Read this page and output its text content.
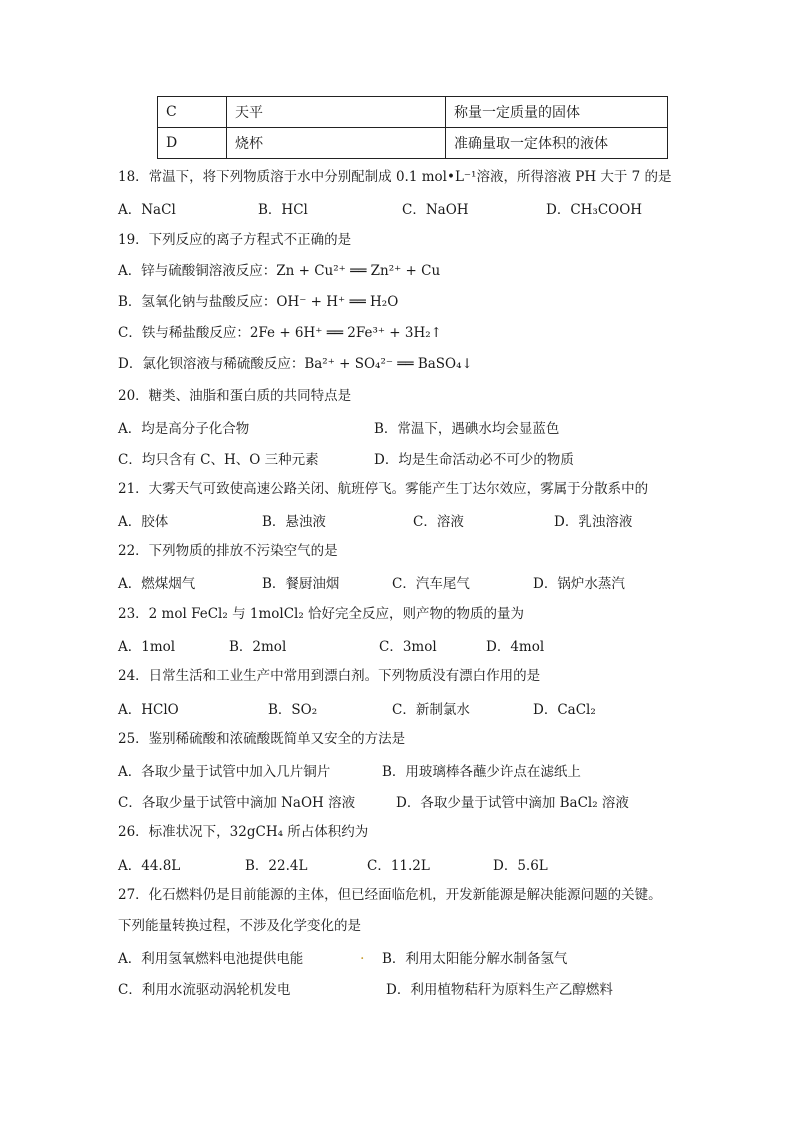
C	天平	称量一定质量的固体
D	烧杯	准确量取一定体积的液体
18．常温下，将下列物质溶于水中分别配制成 0.1 mol•L⁻¹溶液，所得溶液 PH 大于 7 的是
A．NaCl	B．HCl	C．NaOH	D．CH₃COOH
19．下列反应的离子方程式不正确的是
A．锌与硫酸铜溶液反应：Zn + Cu²⁺ ══ Zn²⁺ + Cu
B．氢氧化钠与盐酸反应：OH⁻ + H⁺ ══ H₂O
C．铁与稀盐酸反应：2Fe + 6H⁺ ══ 2Fe³⁺ + 3H₂↑
D．氯化钡溶液与稀硫酸反应：Ba²⁺ + SO₄²⁻ ══ BaSO₄↓
20．糖类、油脂和蛋白质的共同特点是
A．均是高分子化合物	B．常温下，遇碘水均会显蓝色
C．均只含有 C、H、O 三种元素	D．均是生命活动必不可少的物质
21．大雾天气可致使高速公路关闭、航班停飞。雾能产生丁达尔效应，雾属于分散系中的
A．胶体	B．悬浊液	C．溶液	D．乳浊溶液
22．下列物质的排放不污染空气的是
A．燃煤烟气	B．餐厨油烟	C．汽车尾气	D．锅炉水蒸汽
23．2 mol FeCl₂ 与 1molCl₂ 恰好完全反应，则产物的物质的量为
A．1mol	B．2mol	C．3mol	D．4mol
24．日常生活和工业生产中常用到漂白剂。下列物质没有漂白作用的是
A．HClO	B．SO₂	C．新制氯水	D．CaCl₂
25．鉴别稀硫酸和浓硫酸既简单又安全的方法是
A．各取少量于试管中加入几片铜片	B．用玻璃棒各蘸少许点在滤纸上
C．各取少量于试管中滴加 NaOH 溶液	D．各取少量于试管中滴加 BaCl₂ 溶液
26．标准状况下，32gCH₄ 所占体积约为
A．44.8L	B．22.4L	C．11.2L	D．5.6L
27．化石燃料仍是目前能源的主体，但已经面临危机，开发新能源是解决能源问题的关键。
下列能量转换过程，不涉及化学变化的是
A．利用氢氧燃料电池提供电能	. B．利用太阳能分解水制备氢气
C．利用水流驱动涡轮机发电	D．利用植物秸秆为原料生产乙醇燃料
